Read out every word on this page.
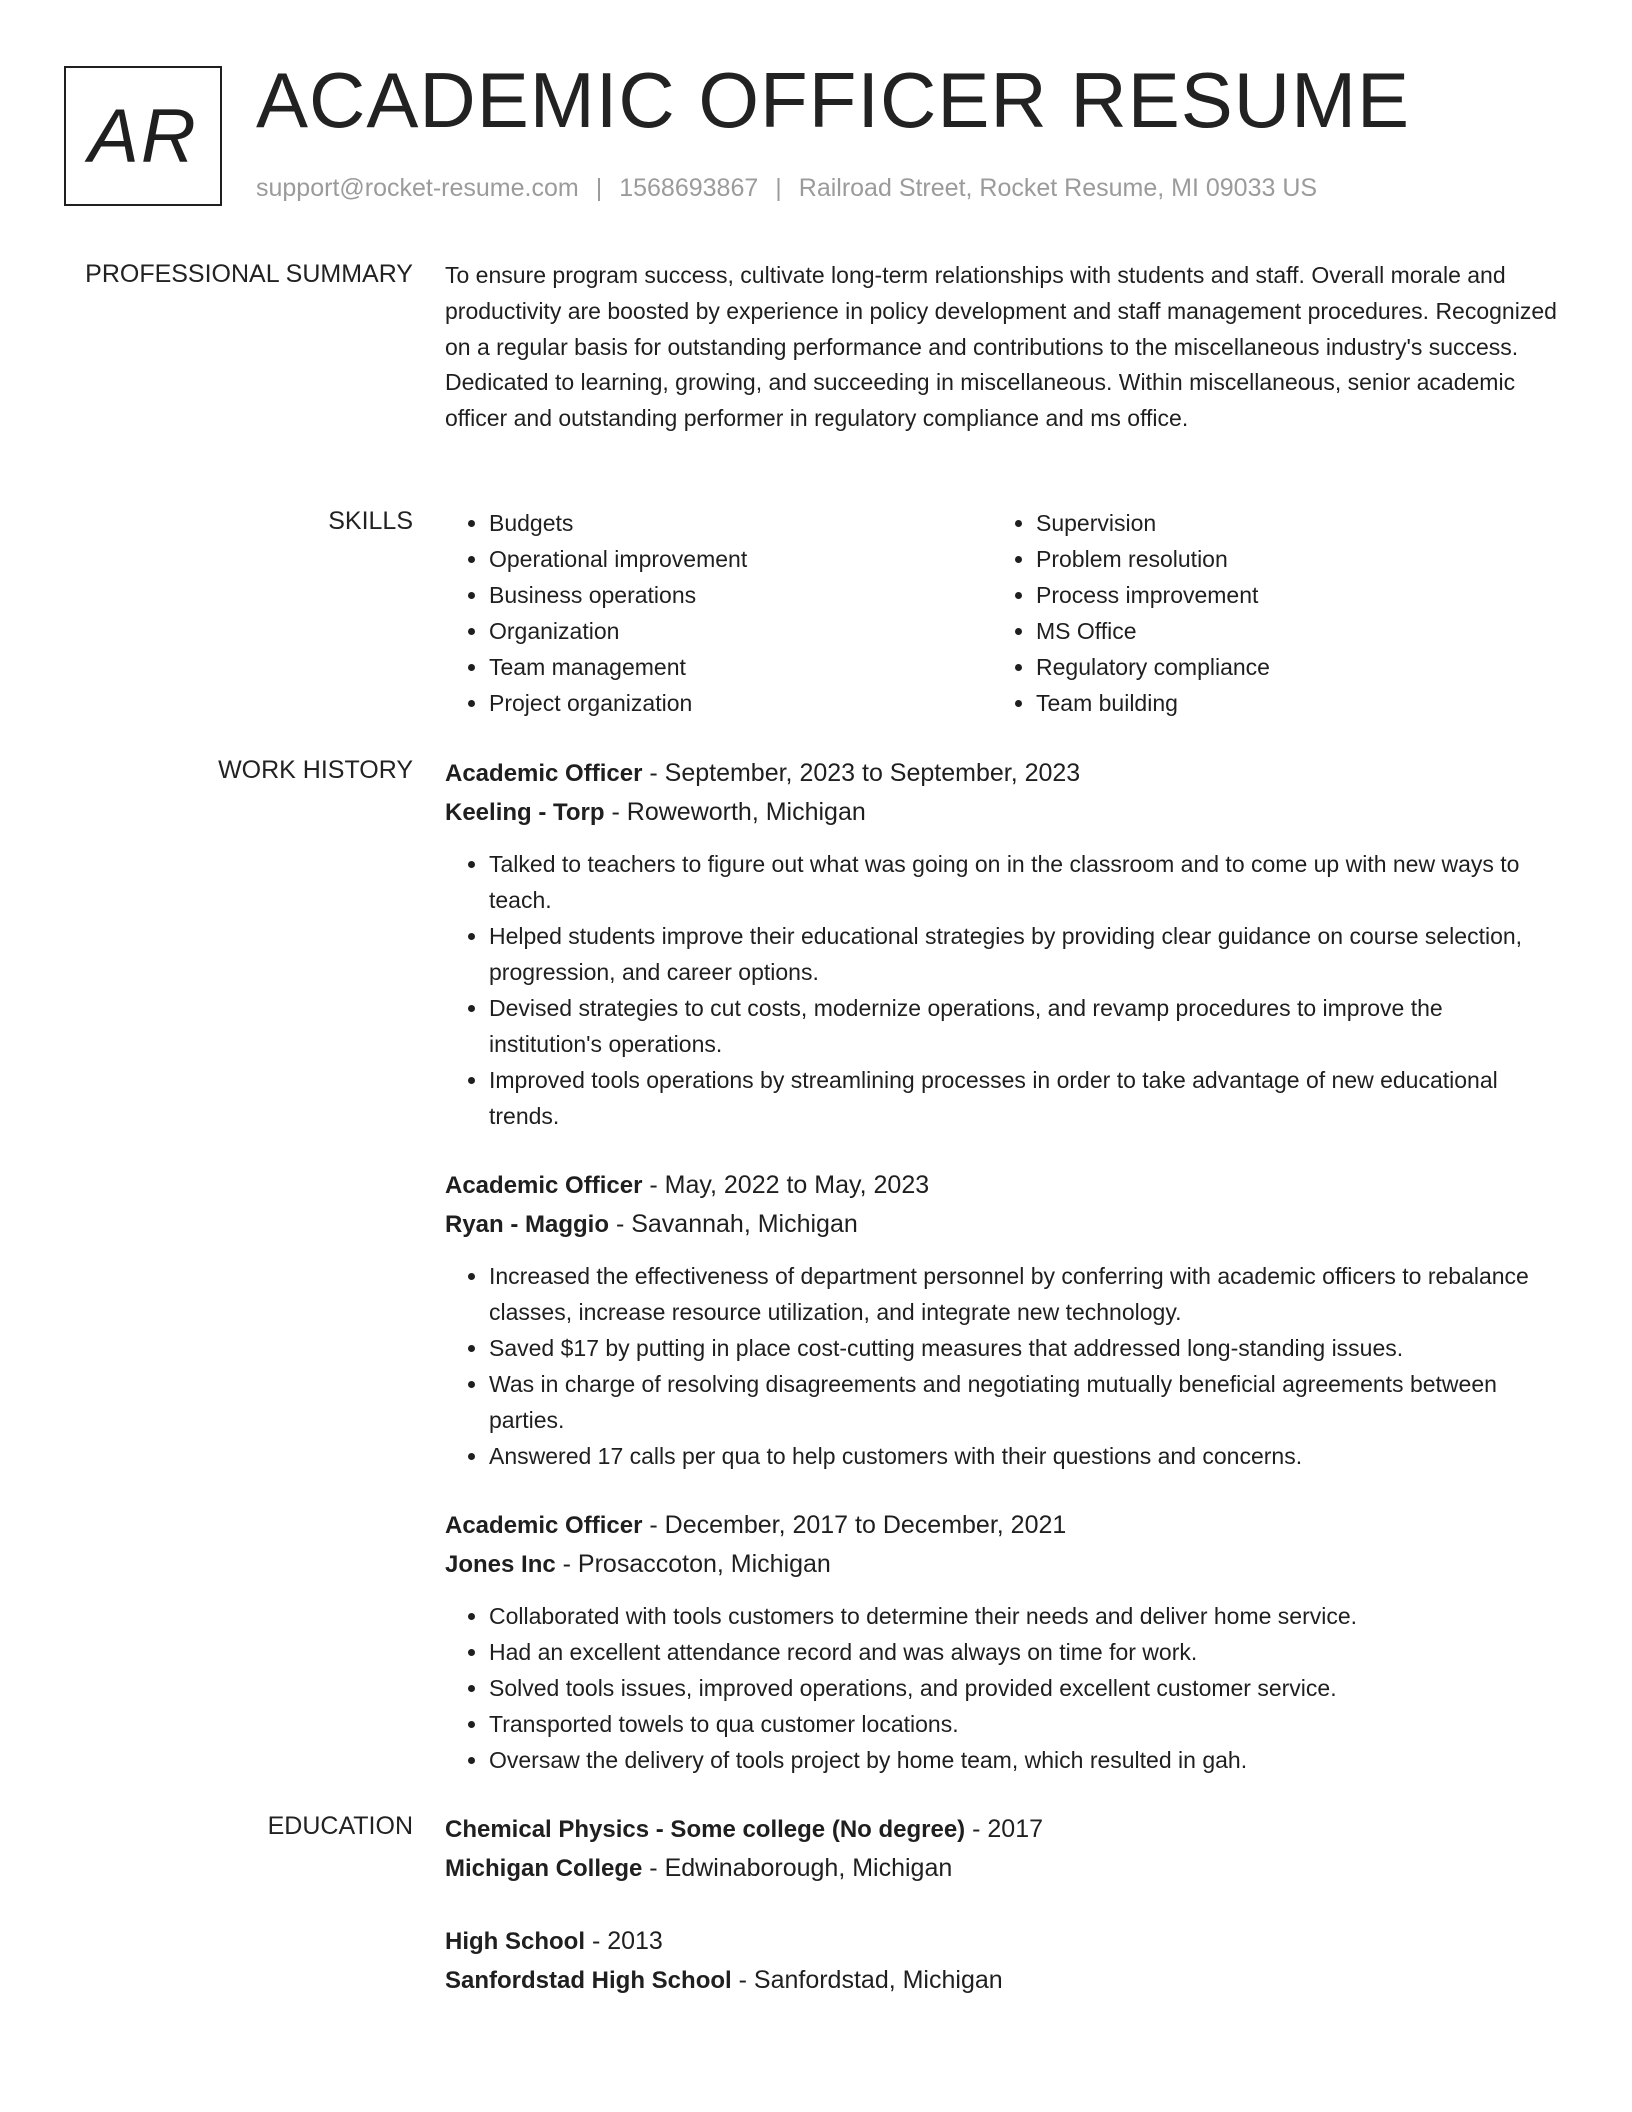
AR ACADEMIC OFFICER RESUME
support@rocket-resume.com | 1568693867 | Railroad Street, Rocket Resume, MI 09033 US
PROFESSIONAL SUMMARY To ensure program success, cultivate long-term relationships with students and staff. Overall morale and productivity are boosted by experience in policy development and staff management procedures. Recognized on a regular basis for outstanding performance and contributions to the miscellaneous industry's success. Dedicated to learning, growing, and succeeding in miscellaneous. Within miscellaneous, senior academic officer and outstanding performer in regulatory compliance and ms office.

SKILLS
•	Budgets
• Operational improvement
• Business operations
• Organization
• Team management
• Project organization
• Supervision
• Problem resolution
• Process improvement
• MS Office
• Regulatory compliance
• Team building
WORK HISTORY Academic Officer - September, 2023 to September, 2023
Keeling - Torp - Roweworth, Michigan
• Talked to teachers to figure out what was going on in the classroom and to come up with new ways to teach.
• Helped students improve their educational strategies by providing clear guidance on course selection, progression, and career options.
• Devised strategies to cut costs, modernize operations, and revamp procedures to improve the institution's operations.
• Improved tools operations by streamlining processes in order to take advantage of new educational trends.
Academic Officer - May, 2022 to May, 2023
Ryan - Maggio - Savannah, Michigan
• Increased the effectiveness of department personnel by conferring with academic officers to rebalance classes, increase resource utilization, and integrate new technology.
• Saved $17 by putting in place cost-cutting measures that addressed long-standing issues.
• Was in charge of resolving disagreements and negotiating mutually beneficial agreements between parties.
• Answered 17 calls per qua to help customers with their questions and concerns.
Academic Officer - December, 2017 to December, 2021
Jones Inc - Prosaccoton, Michigan
• Collaborated with tools customers to determine their needs and deliver home service.
• Had an excellent attendance record and was always on time for work.
• Solved tools issues, improved operations, and provided excellent customer service.
• Transported towels to qua customer locations.
• Oversaw the delivery of tools project by home team, which resulted in gah.
EDUCATION Chemical Physics - Some college (No degree) - 2017
Michigan College - Edwinaborough, Michigan
High School - 2013
Sanfordstad High School - Sanfordstad, Michigan
